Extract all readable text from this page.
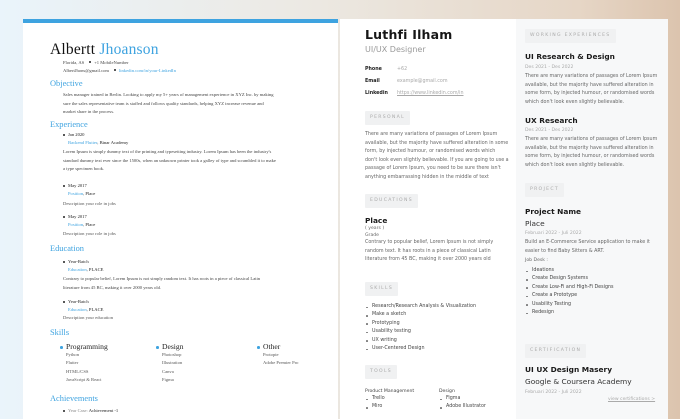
Albertt Jhoanson
Florida, AS +1 MobileNumber
AlbertJhons@gmail.com linkedin.com/in/your-LinkedIn
Objective
Sales manager trained in Berlin. Looking to apply my 5+ years of management experience in XYZ Inc. by making
sure the sales representative team is staffed and follows quality standards, helping XYZ increase revenue and
market share in the process.
Experience
Jan 2020
Backend Flutter, Binar Academy
Lorem Ipsum is simply dummy text of the printing and typesetting industry. Lorem Ipsum has been the industry's
standard dummy text ever since the 1500s, when an unknown printer took a galley of type and scrambled it to make
a type specimen book.
May 2017
Position, Place
Description your role in jobs
May 2017
Position, Place
Description your role in jobs
Education
Year-Batch
Education, PLACE
Contrary to popular belief, Lorem Ipsum is not simply random text. It has roots in a piece of classical Latin
literature from 45 BC, making it over 2000 years old.
Year-Batch
Education, PLACE
Description your education
Skills
Programming
Python
Flutter
HTML/CSS
JavaScript & React
Design
Photoshop
Illustration
Canva
Figma
Other
Protopie
Adobe Premier Pro
Achievements
Year Case: Achievement -1
Luthfi Ilham
UI/UX Designer
Phone	+62
Email	example@gmail.com
Linkedin https://www.linkedin.com/in
PERSONAL
There are many variations of passages of Lorem Ipsum
available, but the majority have suffered alteration in some
form, by injected humour, or randomised words which
don't look even slightly believable. If you are going to use a
passage of Lorem Ipsum, you need to be sure there isn't
anything embarrassing hidden in the middle of text
EDUCATIONS
Place
( years )
Grade
Contrary to popular belief, Lorem Ipsum is not simply
random text. It has roots in a piece of classical Latin
literature from 45 BC, making it over 2000 years old
SKILLS
Research/Research Analysis & Visualization
Make a sketch
Prototyping
Usability testing
UX writing
User-Centered Design
TOOLS
Product Management
Trello
Miro
Design
Figma
Adobe Illustrator
WORKING EXPERIENCES
UI Research & Design
Des 2021 - Des 2022
There are many variations of passages of Lorem Ipsum
available, but the majority have suffered alteration in
some form, by injected humour, or randomised words
which don't look even slightly believable.
UX Research
Des 2021 - Des 2022
There are many variations of passages of Lorem Ipsum
available, but the majority have suffered alteration in
some form, by injected humour, or randomised words
which don't look even slightly believable.
PROJECT
Project Name
Place
Februari 2022 - Juli 2022
Build an E-Commerce Service application to make it
easier to find Baby Sitters & ART.
Job Desk :
Ideations
Create Design Systems
Create Low-Fi and High-Fi Designs
Create a Prototype
Usability Testing
Redesign
CERTIFICATION
UI UX Design Masery
Google & Coursera Academy
Februari 2022 - Juli 2022
view certifications >
